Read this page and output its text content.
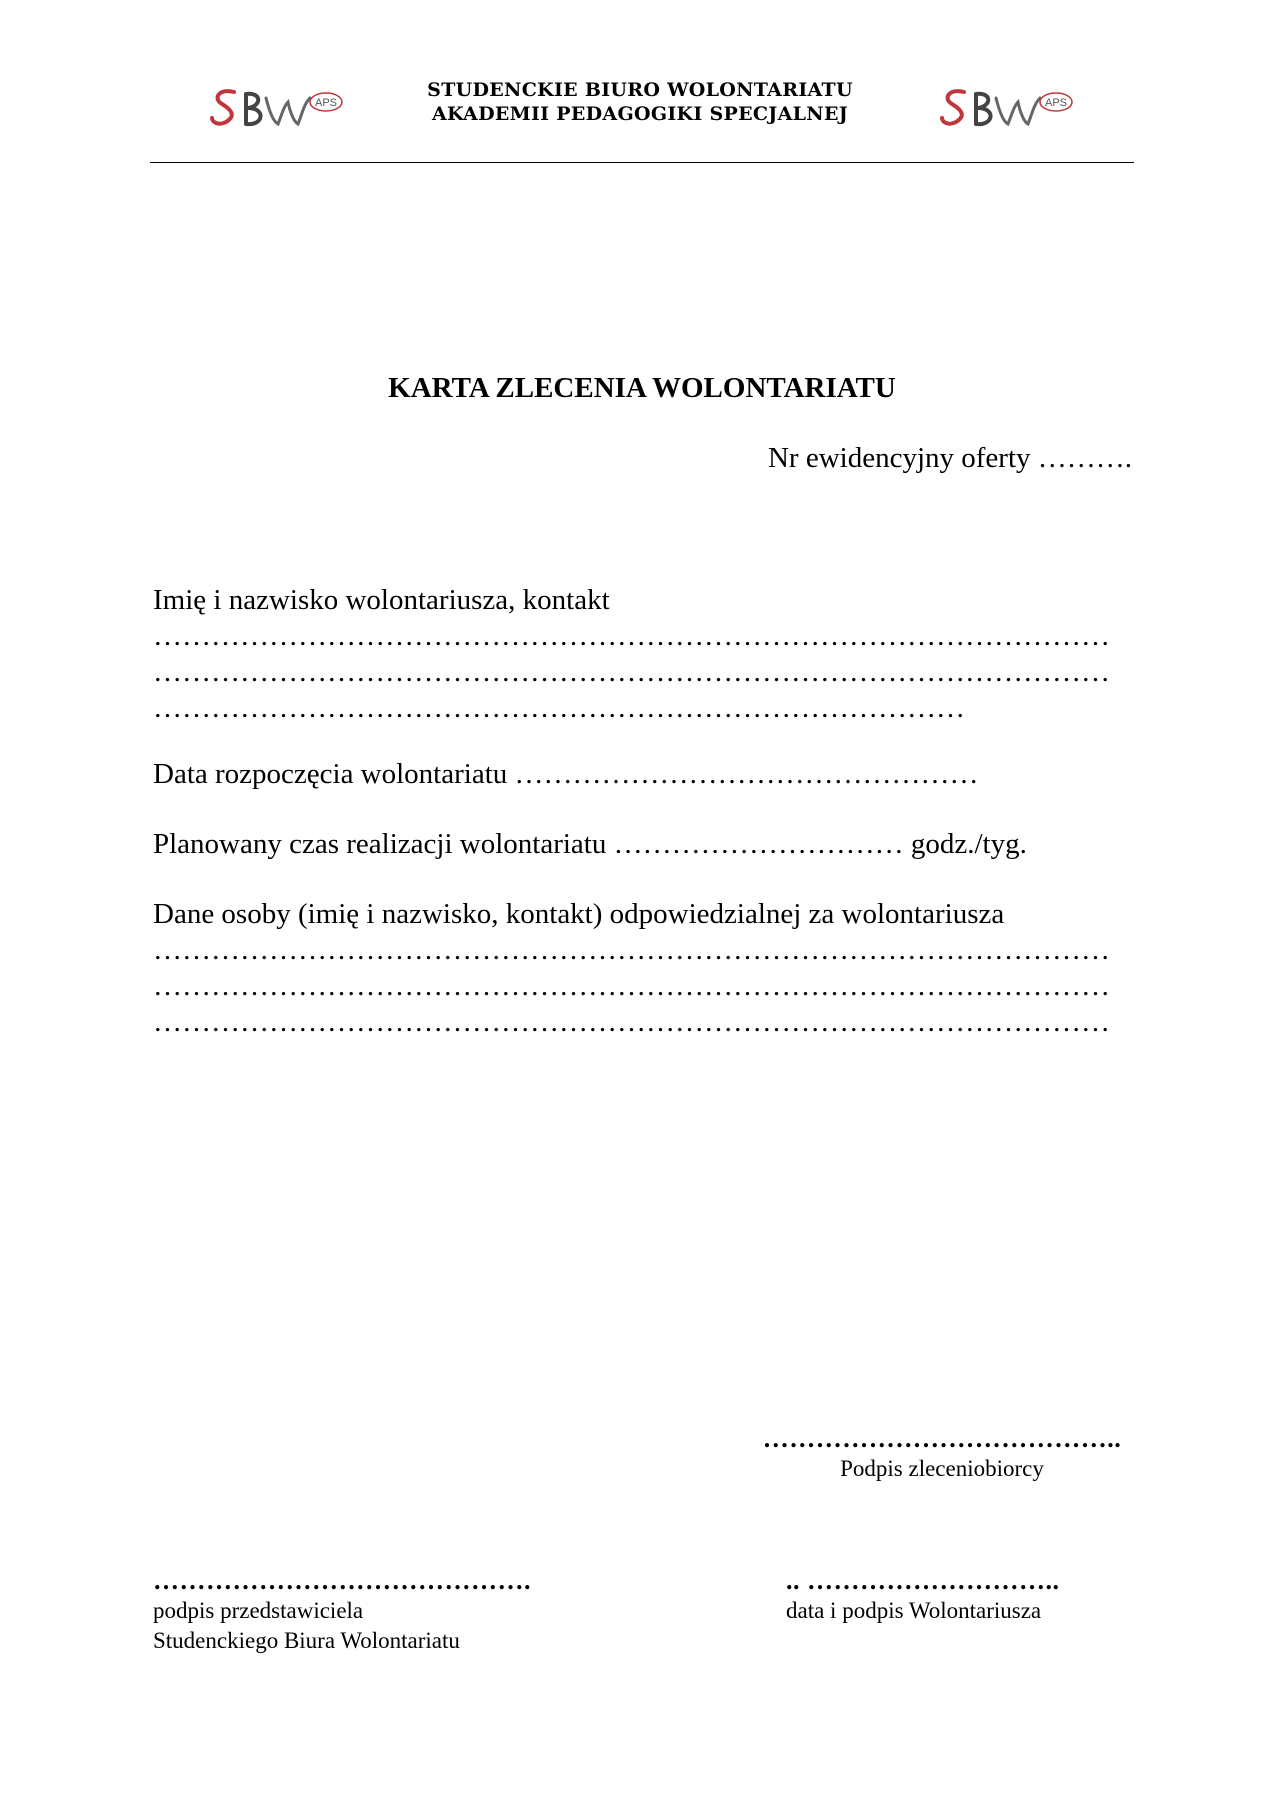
APS
STUDENCKIE BIURO WOLONTARIATU
AKADEMII PEDAGOGIKI SPECJALNEJ	APS
KARTA ZLECENIA WOLONTARIATU
Nr ewidencyjny oferty ……….
Imię i nazwisko wolontariusza, kontakt
………………………………………………………………………………………
………………………………………………………………………………………
…………………………………………………………………………
Data rozpoczęcia wolontariatu …………………………………………
Planowany czas realizacji wolontariatu ………………………… godz./tyg.
Dane osoby (imię i nazwisko, kontakt) odpowiedzialnej za wolontariusza
………………………………………………………………………………………
………………………………………………………………………………………
………………………………………………………………………………………
…………………………………..
Podpis zleceniobiorcy
…………………………………….
podpis przedstawiciela
Studenckiego Biura Wolontariatu
.. ………………………..
data i podpis Wolontariusza
